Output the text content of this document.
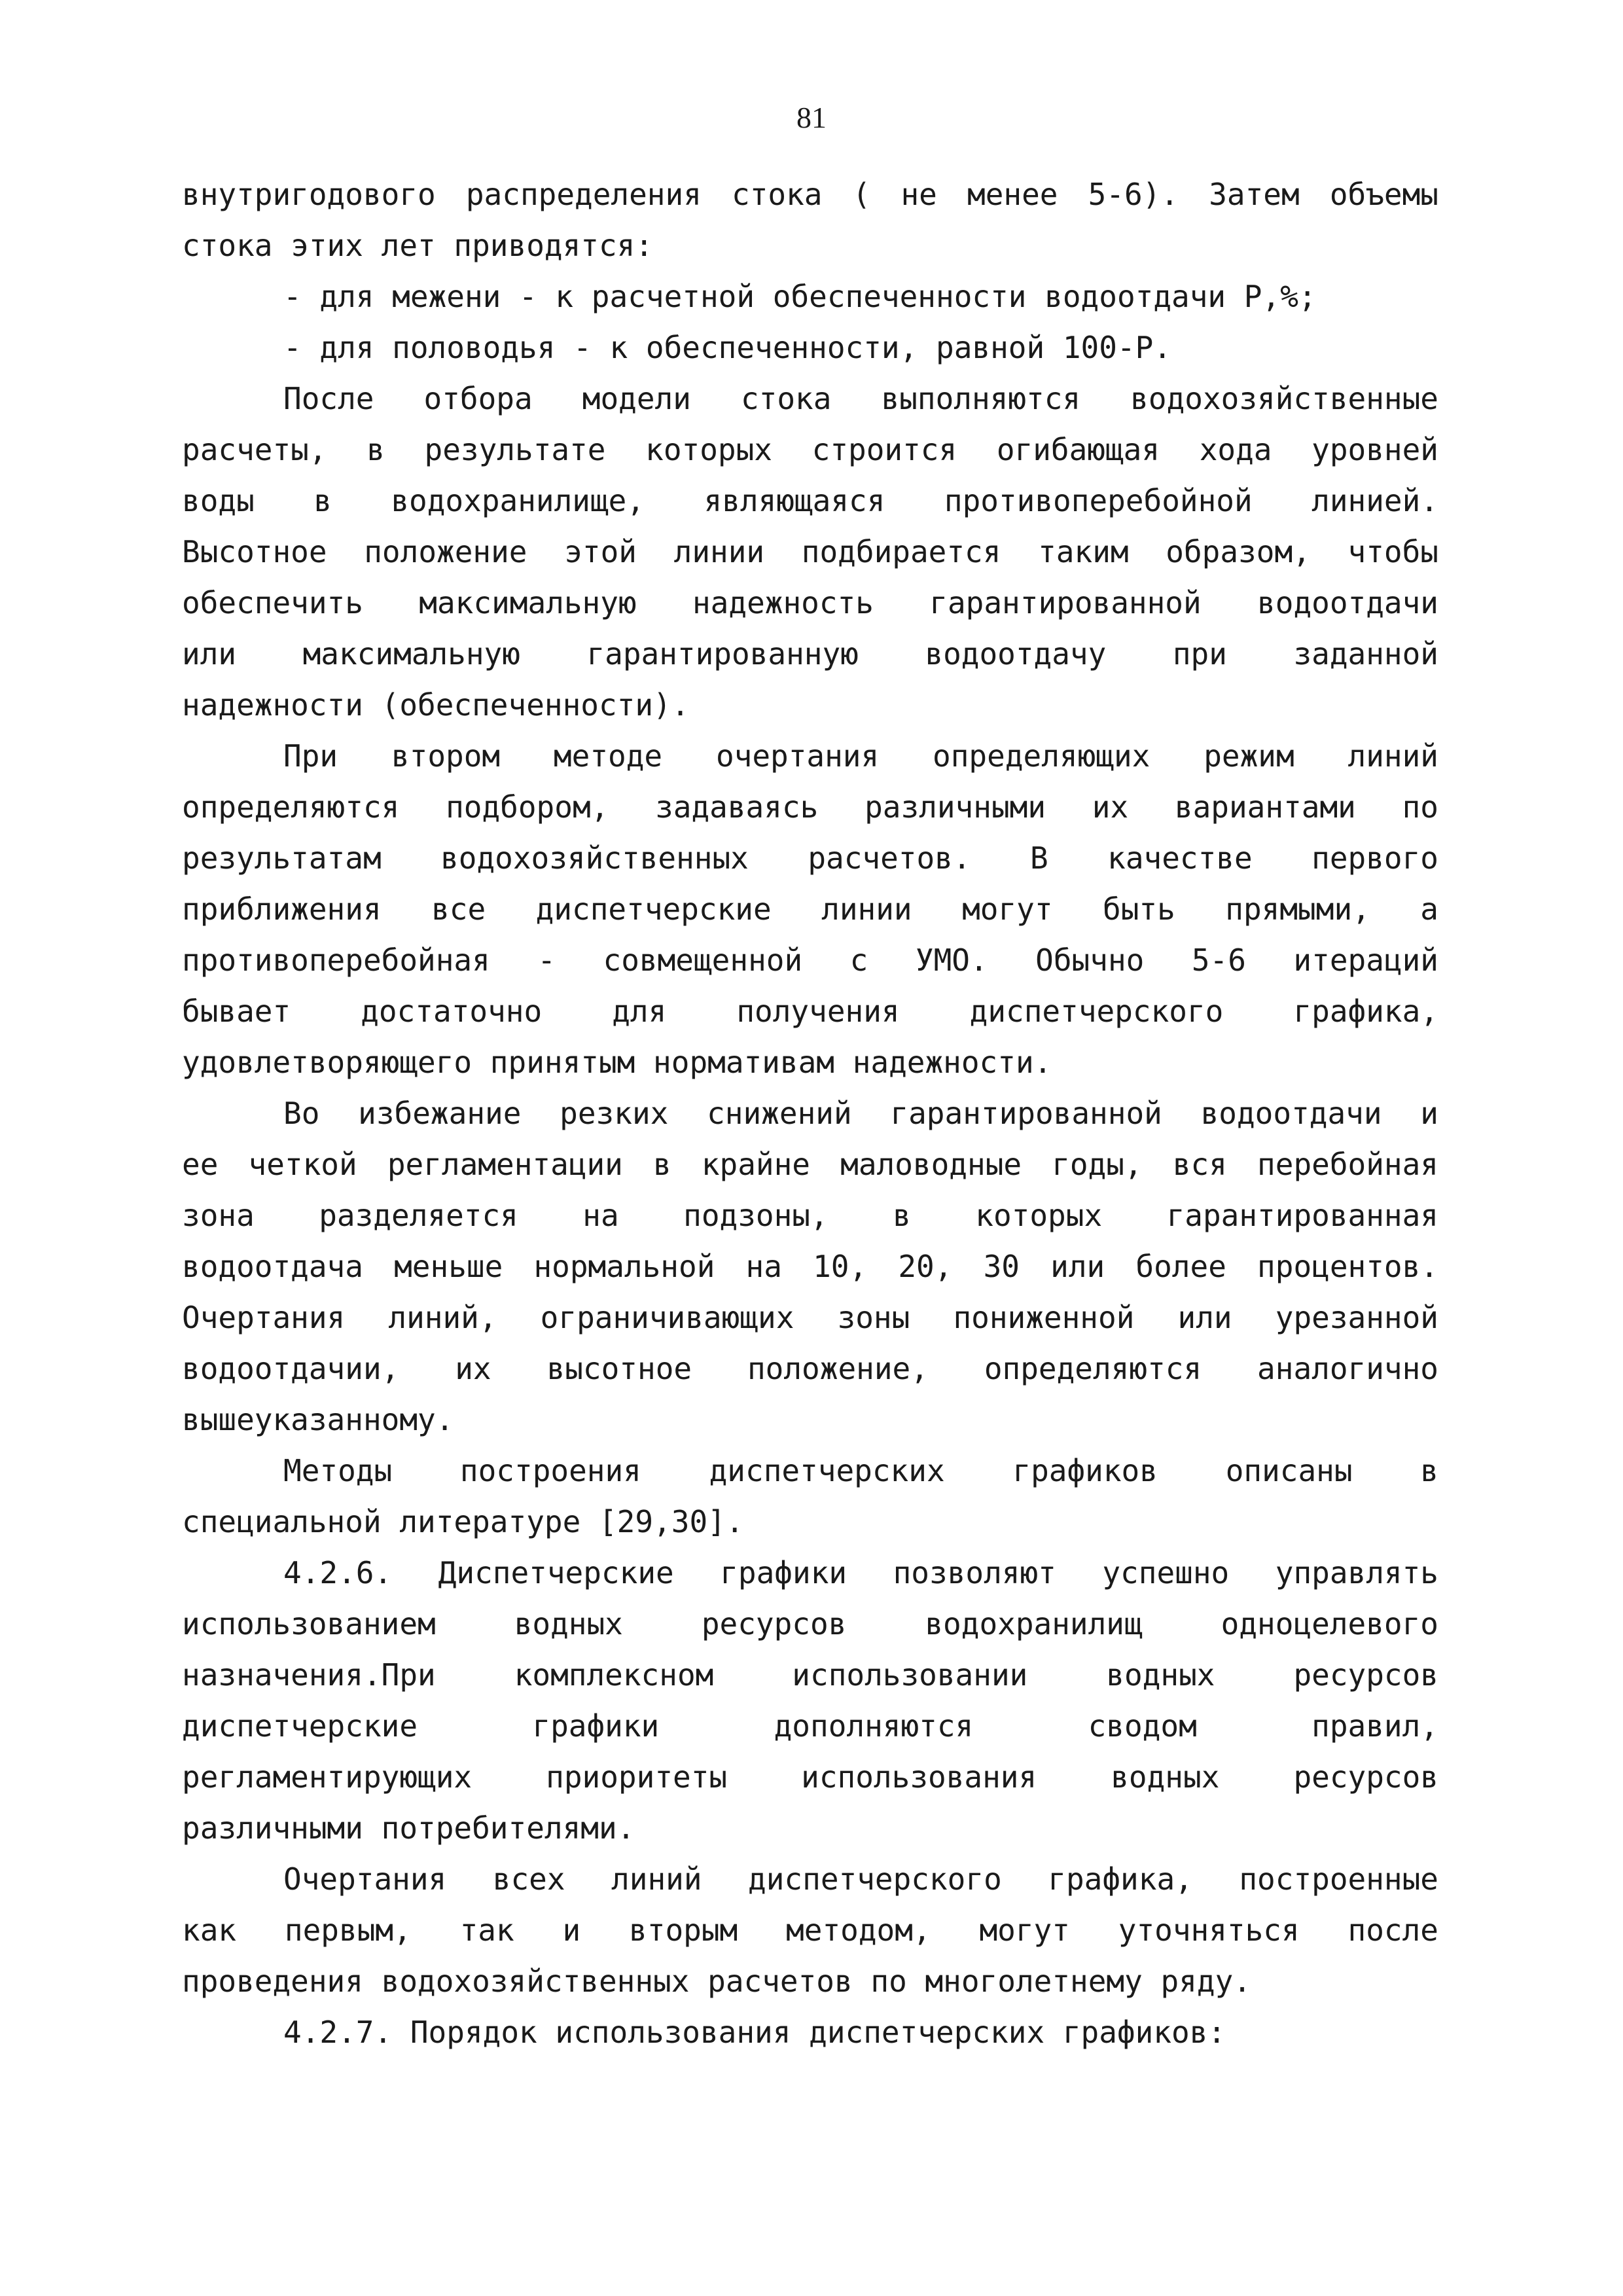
81
внутригодового распределения стока ( не менее 5-6). Затем объемы
стока этих лет приводятся:
- для межени - к расчетной обеспеченности водоотдачи Р,%;
- для половодья - к обеспеченности, равной 100-Р.
После отбора модели стока выполняются водохозяйственные
расчеты, в результате которых строится огибающая хода уровней
воды в водохранилище, являющаяся противоперебойной линией.
Высотное положение этой линии подбирается таким образом, чтобы
обеспечить максимальную надежность гарантированной водоотдачи
или максимальную гарантированную водоотдачу при заданной
надежности (обеспеченности).
При втором методе очертания определяющих режим линий
определяются подбором, задаваясь различными их вариантами по
результатам водохозяйственных расчетов. В качестве первого
приближения все диспетчерские линии могут быть прямыми, а
противоперебойная - совмещенной с УМО. Обычно 5-6 итераций
бывает достаточно для получения диспетчерского графика,
удовлетворяющего принятым нормативам надежности.
Во избежание резких снижений гарантированной водоотдачи и
ее четкой регламентации в крайне маловодные годы, вся перебойная
зона разделяется на подзоны, в которых гарантированная
водоотдача меньше нормальной на 10, 20, 30 или более процентов.
Очертания линий, ограничивающих зоны пониженной или урезанной
водоотдачии, их высотное положение, определяются аналогично
вышеуказанному.
Методы построения диспетчерских графиков описаны в
специальной литературе [29,30].
4.2.6. Диспетчерские графики позволяют успешно управлять
использованием водных ресурсов водохранилищ одноцелевого
назначения.При комплексном использовании водных ресурсов
диспетчерские графики дополняются сводом правил,
регламентирующих приоритеты использования водных ресурсов
различными потребителями.
Очертания всех линий диспетчерского графика, построенные
как первым, так и вторым методом, могут уточняться после
проведения водохозяйственных расчетов по многолетнему ряду.
4.2.7. Порядок использования диспетчерских графиков:
